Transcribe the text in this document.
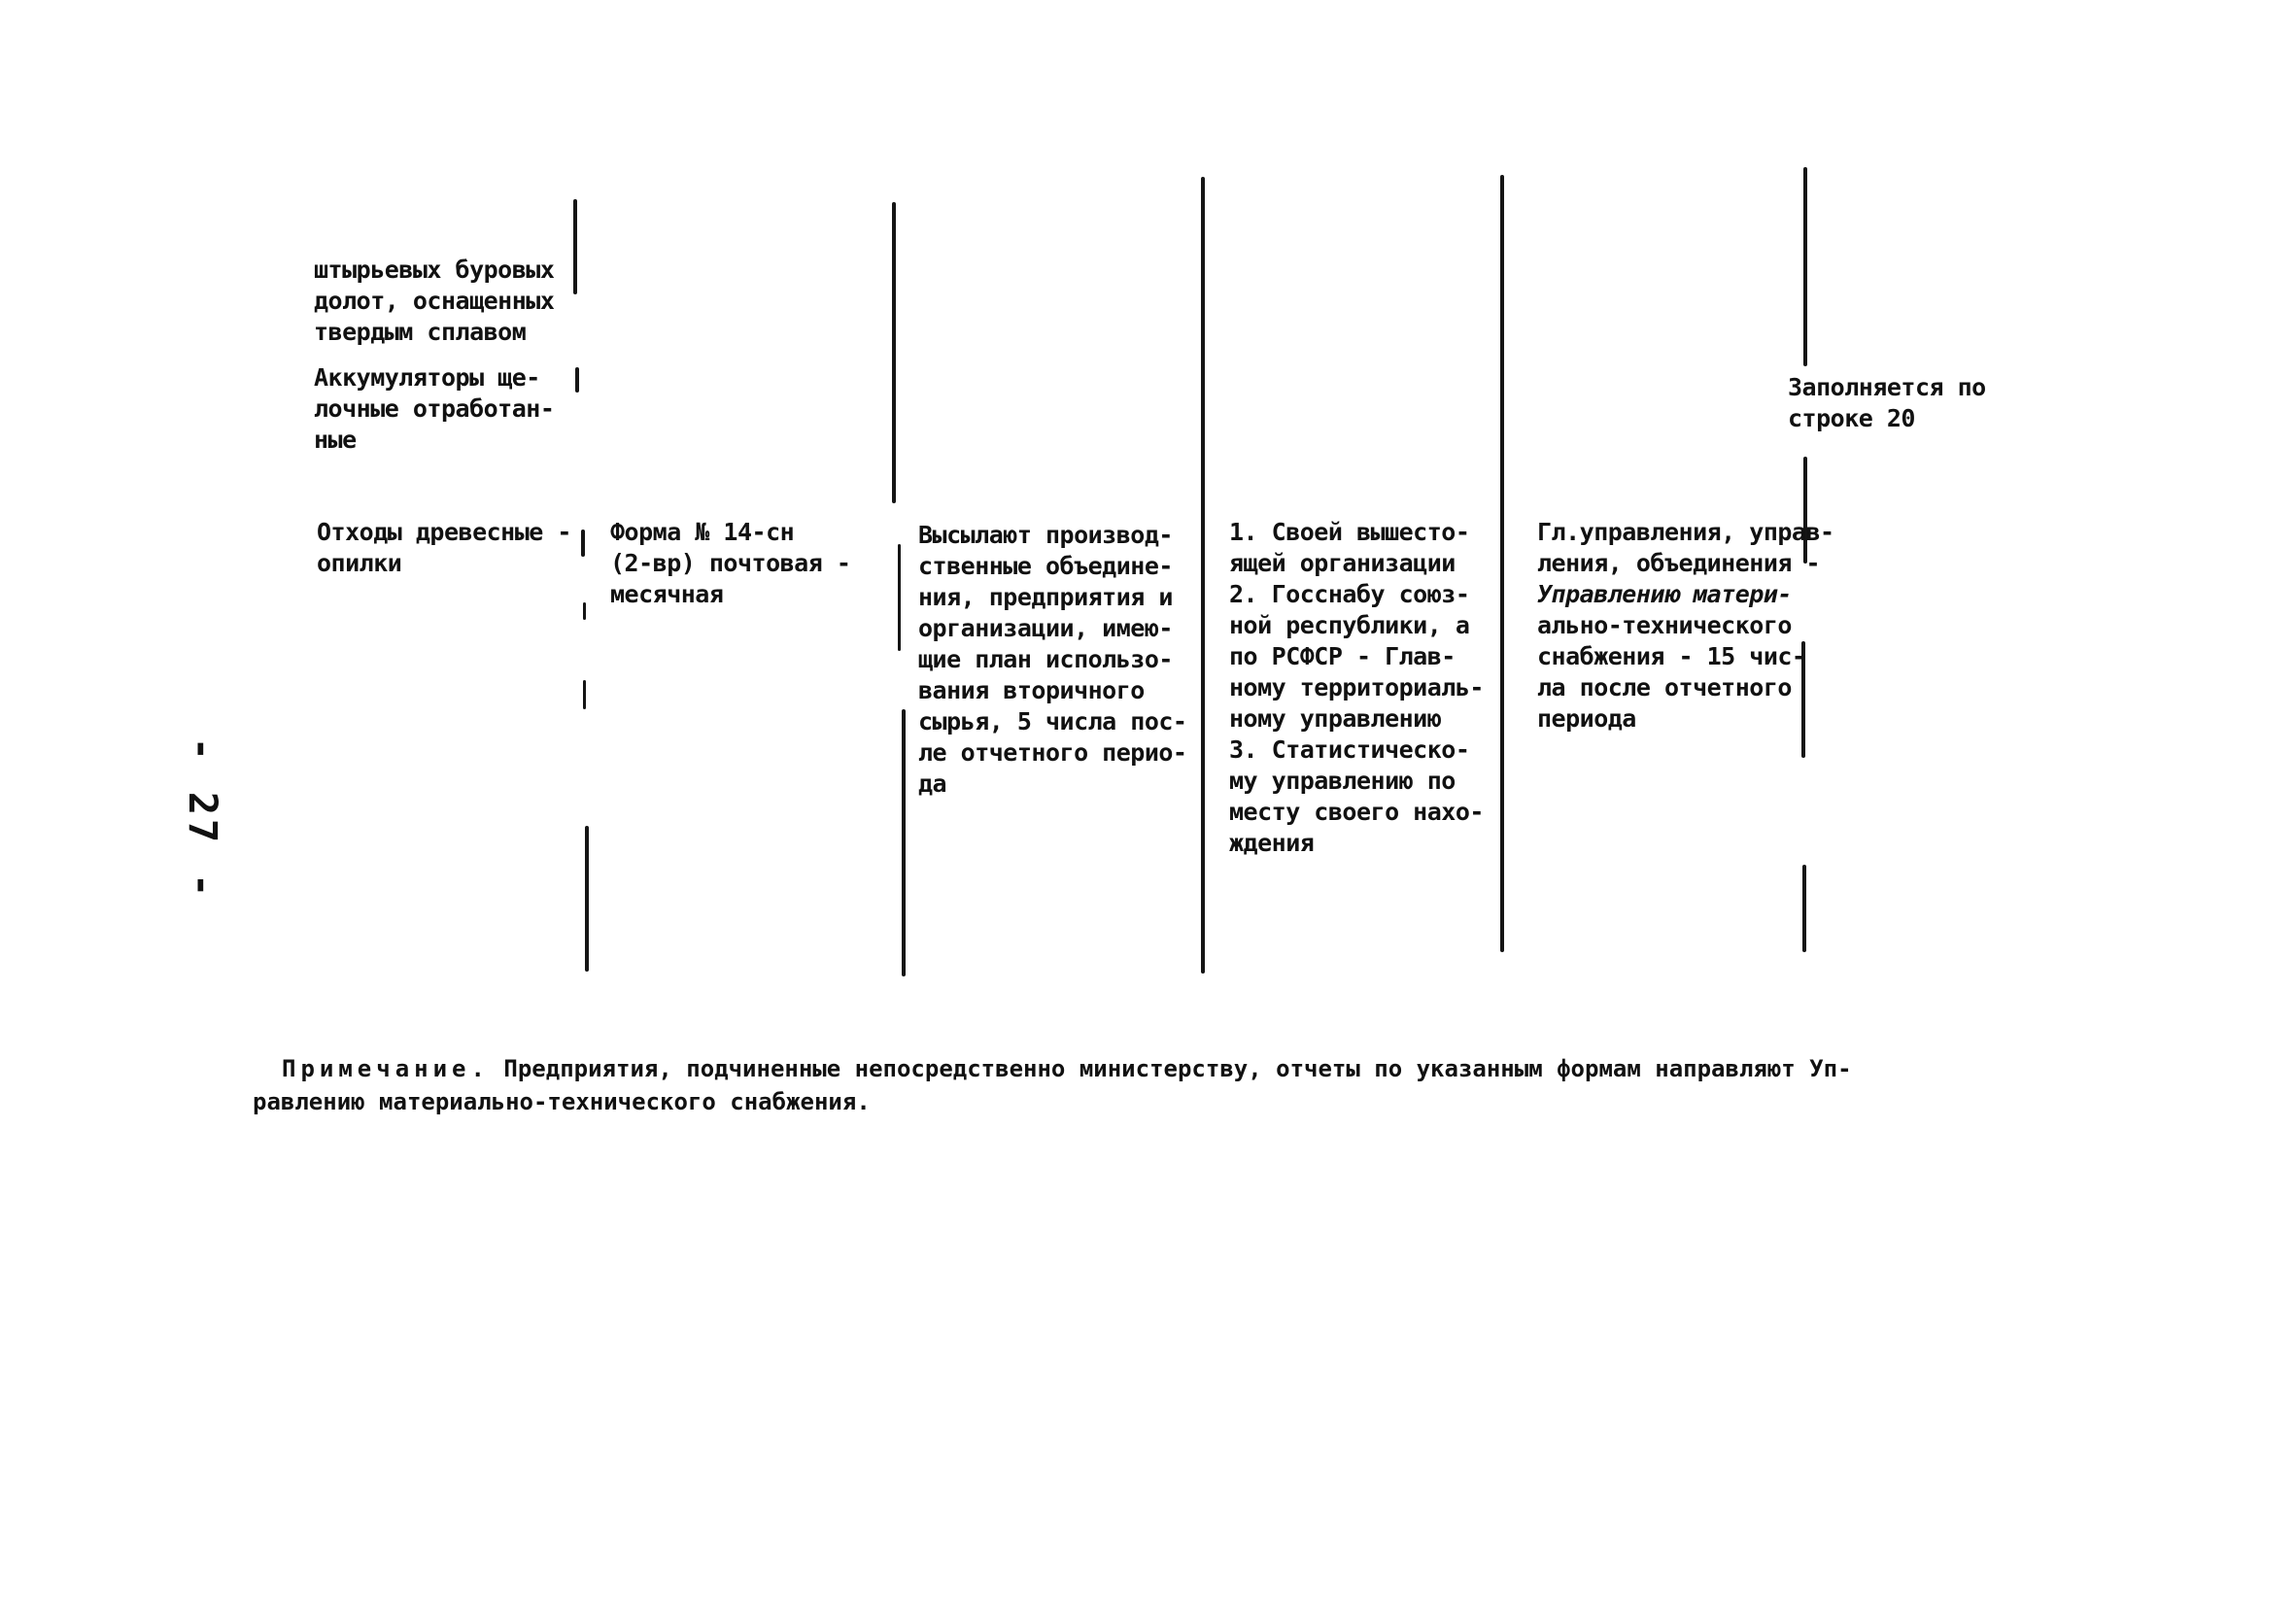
- 27 -
штырьевых буровых
долот, оснащенных
твердым сплавом
Аккумуляторы ще-
лочные отработан-
ные
Отходы древесные -
опилки
Форма № 14-сн
(2-вр) почтовая -
месячная
Высылают производ-
ственные объедине-
ния, предприятия и
организации, имею-
щие план использо-
вания вторичного
сырья, 5 числа пос-
ле отчетного перио-
да
1. Своей вышесто-
ящей организации
2. Госснабу союз-
ной республики, а
по РСФСР - Глав-
ному территориаль-
ному управлению
3. Статистическо-
му управлению по
месту своего нахо-
ждения
Гл.управления, управ-
ления, объединения -
Управлению матери-
ально-технического
снабжения - 15 чис-
ла после отчетного
периода
Заполняется по
строке 20
Примечание. Предприятия, подчиненные непосредственно министерству, отчеты по указанным формам направляют Уп-
равлению материально-технического снабжения.
